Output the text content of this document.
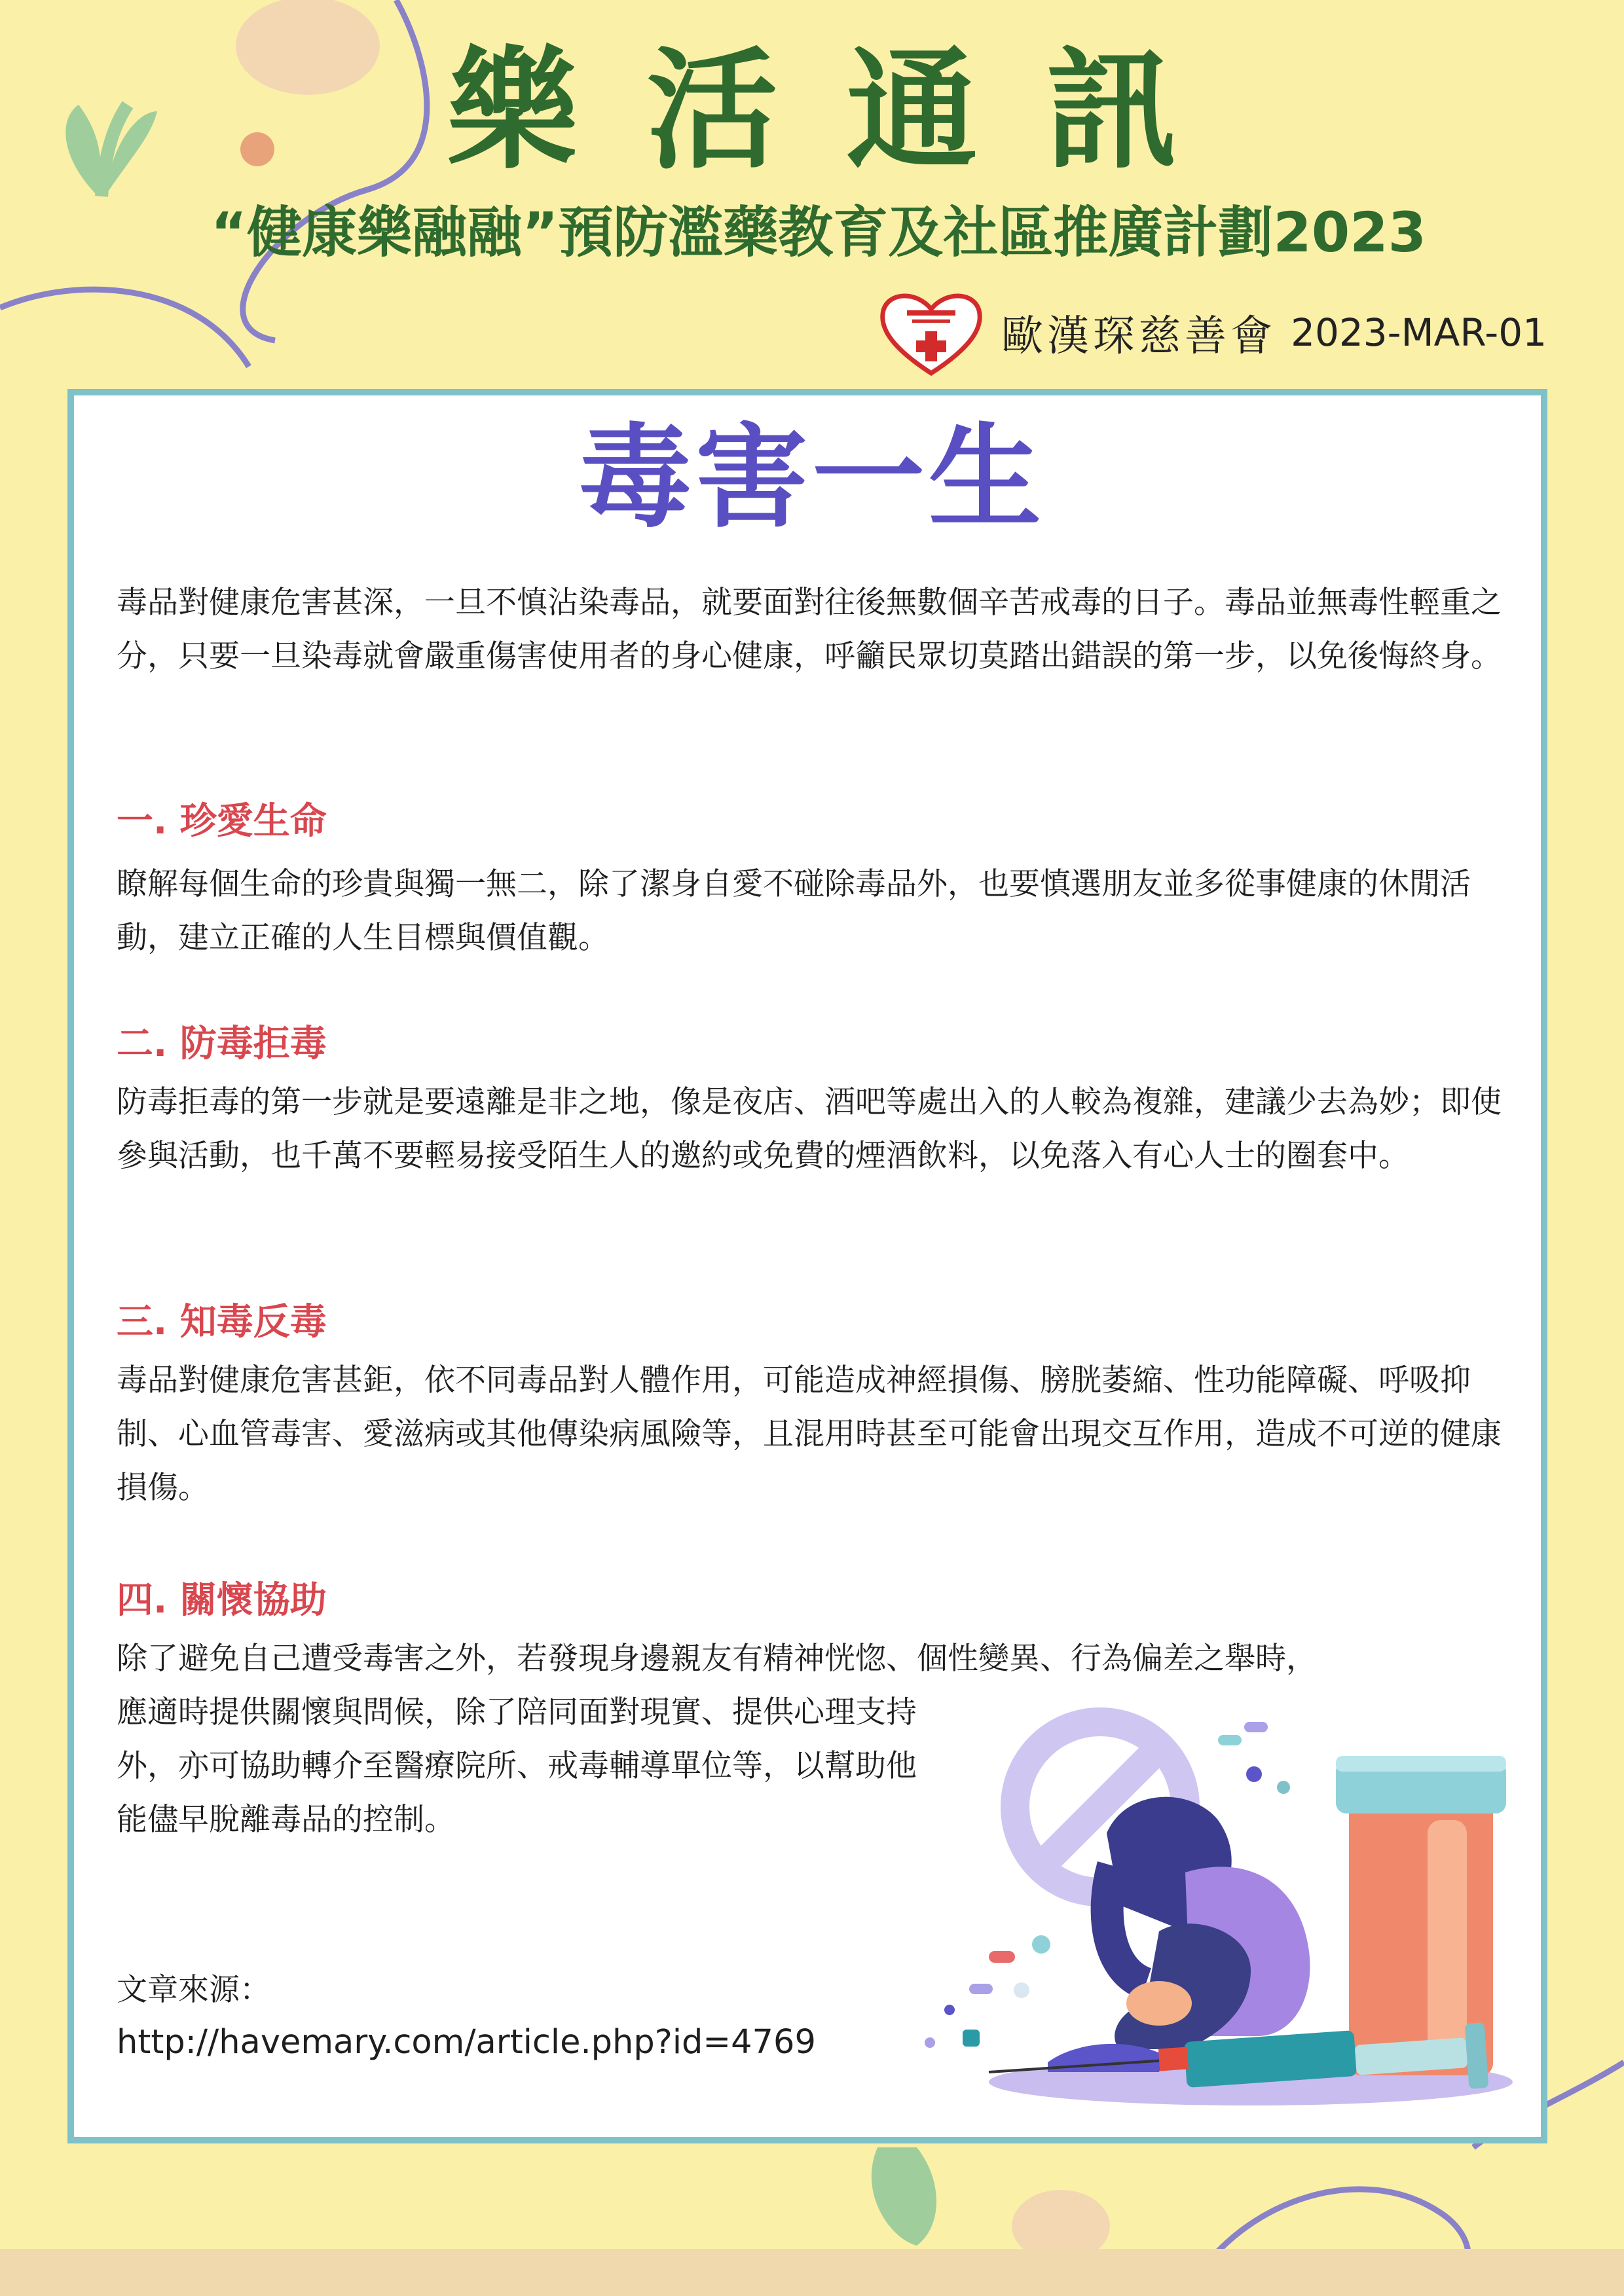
樂活通訊
“健康樂融融”預防濫藥教育及社區推廣計劃2023
歐漢琛慈善會 2023-MAR-01
毒害一生
毒品對健康危害甚深，一旦不慎沾染毒品，就要面對往後無數個辛苦戒毒的日子。毒品並無毒性輕重之分，只要一旦染毒就會嚴重傷害使用者的身心健康，呼籲民眾切莫踏出錯誤的第一步，以免後悔終身。
一. 珍愛生命
瞭解每個生命的珍貴與獨一無二，除了潔身自愛不碰除毒品外，也要慎選朋友並多從事健康的休閒活動，建立正確的人生目標與價值觀。
二. 防毒拒毒
防毒拒毒的第一步就是要遠離是非之地，像是夜店、酒吧等處出入的人較為複雜，建議少去為妙；即使參與活動，也千萬不要輕易接受陌生人的邀約或免費的煙酒飲料，以免落入有心人士的圈套中。
三. 知毒反毒
毒品對健康危害甚鉅，依不同毒品對人體作用，可能造成神經損傷、膀胱萎縮、性功能障礙、呼吸抑制、心血管毒害、愛滋病或其他傳染病風險等，且混用時甚至可能會出現交互作用，造成不可逆的健康損傷。
四. 關懷協助
除了避免自己遭受毒害之外，若發現身邊親友有精神恍惚、個性變異、行為偏差之舉時，
應適時提供關懷與問候，除了陪同面對現實、提供心理支持外，亦可協助轉介至醫療院所、戒毒輔導單位等，以幫助他能儘早脫離毒品的控制。
文章來源：
http://havemary.com/article.php?id=4769
